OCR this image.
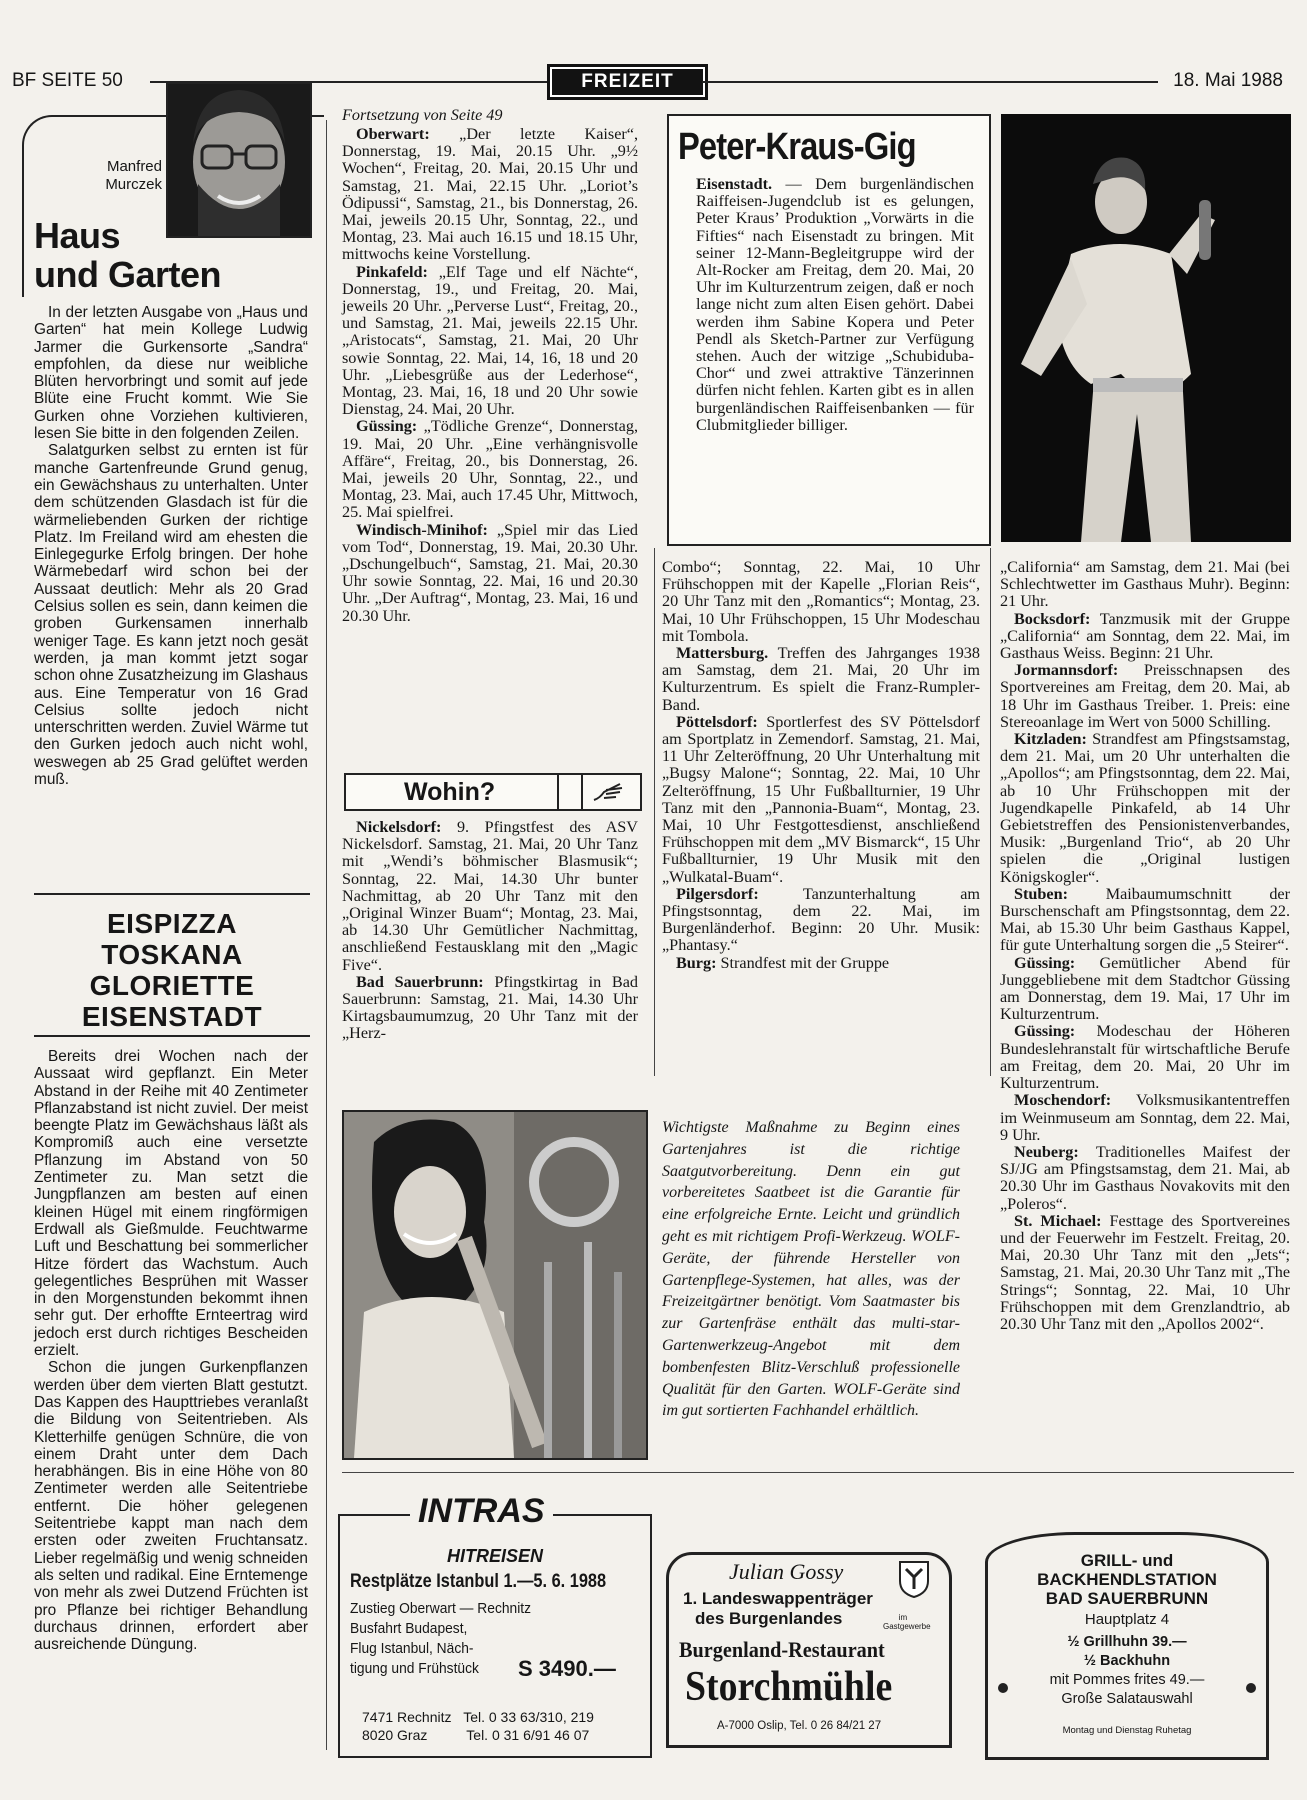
BF SEITE 50	FREIZEIT	18. Mai 1988
Manfred Murczek
Haus
und Garten

In der letzten Ausgabe von „Haus und Garten“ hat mein Kollege Ludwig Jarmer die Gurkensorte „Sandra“ empfohlen, da diese nur weibliche Blüten hervorbringt und somit auf jede Blüte eine Frucht kommt. Wie Sie Gurken ohne Vorziehen kultivieren, lesen Sie bitte in den folgenden Zeilen.

Salatgurken selbst zu ernten ist für manche Gartenfreunde Grund genug, ein Gewächshaus zu unterhalten. Unter dem schützenden Glasdach ist für die wärmeliebenden Gurken der richtige Platz. Im Freiland wird am ehesten die Einlegegurke Erfolg bringen. Der hohe Wärmebedarf wird schon bei der Aussaat deutlich: Mehr als 20 Grad Celsius sollen es sein, dann keimen die groben Gurkensamen innerhalb weniger Tage. Es kann jetzt noch gesät werden, ja man kommt jetzt sogar schon ohne Zusatzheizung im Glashaus aus. Eine Temperatur von 16 Grad Celsius sollte jedoch nicht unterschritten werden. Zuviel Wärme tut den Gurken jedoch auch nicht wohl, weswegen ab 25 Grad gelüftet werden muß.

EISPIZZA
TOSKANA
GLORIETTE
EISENSTADT

Bereits drei Wochen nach der Aussaat wird gepflanzt. Ein Meter Abstand in der Reihe mit 40 Zentimeter Pflanzabstand ist nicht zuviel. Der meist beengte Platz im Gewächshaus läßt als Kompromiß auch eine versetzte Pflanzung im Abstand von 50 Zentimeter zu. Man setzt die Jungpflanzen am besten auf einen kleinen Hügel mit einem ringförmigen Erdwall als Gießmulde. Feuchtwarme Luft und Beschattung bei sommerlicher Hitze fördert das Wachstum. Auch gelegentliches Besprühen mit Wasser in den Morgenstunden bekommt ihnen sehr gut. Der erhoffte Ernteertrag wird jedoch erst durch richtiges Bescheiden erzielt.

Schon die jungen Gurkenpflanzen werden über dem vierten Blatt gestutzt. Das Kappen des Haupttriebes veranlaßt die Bildung von Seitentrieben. Als Kletterhilfe genügen Schnüre, die von einem Draht unter dem Dach herabhängen. Bis in eine Höhe von 80 Zentimeter werden alle Seitentriebe entfernt. Die höher gelegenen Seitentriebe kappt man nach dem ersten oder zweiten Fruchtansatz. Lieber regelmäßig und wenig schneiden als selten und radikal. Eine Erntemenge von mehr als zwei Dutzend Früchten ist pro Pflanze bei richtiger Behandlung durchaus drinnen, erfordert aber ausreichende Düngung.

Fortsetzung von Seite 49

Oberwart: „Der letzte Kaiser“, Donnerstag, 19. Mai, 20.15 Uhr. „9½ Wochen“, Freitag, 20. Mai, 20.15 Uhr und Samstag, 21. Mai, 22.15 Uhr. „Loriot’s Ödipussi“, Samstag, 21., bis Donnerstag, 26. Mai, jeweils 20.15 Uhr, Sonntag, 22., und Montag, 23. Mai auch 16.15 und 18.15 Uhr, mittwochs keine Vorstellung.

Pinkafeld: „Elf Tage und elf Nächte“, Donnerstag, 19., und Freitag, 20. Mai, jeweils 20 Uhr. „Perverse Lust“, Freitag, 20., und Samstag, 21. Mai, jeweils 22.15 Uhr. „Aristocats“, Samstag, 21. Mai, 20 Uhr sowie Sonntag, 22. Mai, 14, 16, 18 und 20 Uhr. „Liebesgrüße aus der Lederhose“, Montag, 23. Mai, 16, 18 und 20 Uhr sowie Dienstag, 24. Mai, 20 Uhr.

Güssing: „Tödliche Grenze“, Donnerstag, 19. Mai, 20 Uhr. „Eine verhängnisvolle Affäre“, Freitag, 20., bis Donnerstag, 26. Mai, jeweils 20 Uhr, Sonntag, 22., und Montag, 23. Mai, auch 17.45 Uhr, Mittwoch, 25. Mai spielfrei.

Windisch-Minihof: „Spiel mir das Lied vom Tod“, Donnerstag, 19. Mai, 20.30 Uhr. „Dschungelbuch“, Samstag, 21. Mai, 20.30 Uhr sowie Sonntag, 22. Mai, 16 und 20.30 Uhr. „Der Auftrag“, Montag, 23. Mai, 16 und 20.30 Uhr.

Wohin?

Nickelsdorf: 9. Pfingstfest des ASV Nickelsdorf. Samstag, 21. Mai, 20 Uhr Tanz mit „Wendi’s böhmischer Blasmusik“; Sonntag, 22. Mai, 14.30 Uhr bunter Nachmittag, ab 20 Uhr Tanz mit den „Original Winzer Buam“; Montag, 23. Mai, ab 14.30 Uhr Gemütlicher Nachmittag, anschließend Festausklang mit den „Magic Five“.

Bad Sauerbrunn: Pfingstkirtag in Bad Sauerbrunn: Samstag, 21. Mai, 14.30 Uhr Kirtagsbaumumzug, 20 Uhr Tanz mit der „Herz-

Peter-Kraus-Gig
Eisenstadt. — Dem burgenländischen Raiffeisen-Jugendclub ist es gelungen, Peter Kraus’ Produktion „Vorwärts in die Fifties“ nach Eisenstadt zu bringen. Mit seiner 12-Mann-Begleitgruppe wird der Alt-Rocker am Freitag, dem 20. Mai, 20 Uhr im Kulturzentrum zeigen, daß er noch lange nicht zum alten Eisen gehört. Dabei werden ihm Sabine Kopera und Peter Pendl als Sketch-Partner zur Verfügung stehen. Auch der witzige „Schubiduba-Chor“ und zwei attraktive Tänzerinnen dürfen nicht fehlen. Karten gibt es in allen burgenländischen Raiffeisenbanken — für Clubmitglieder billiger.

Combo“; Sonntag, 22. Mai, 10 Uhr Frühschoppen mit der Kapelle „Florian Reis“, 20 Uhr Tanz mit den „Romantics“; Montag, 23. Mai, 10 Uhr Frühschoppen, 15 Uhr Modeschau mit Tombola.

Mattersburg. Treffen des Jahrganges 1938 am Samstag, dem 21. Mai, 20 Uhr im Kulturzentrum. Es spielt die Franz-Rumpler-Band.

Pöttelsdorf: Sportlerfest des SV Pöttelsdorf am Sportplatz in Zemendorf. Samstag, 21. Mai, 11 Uhr Zelteröffnung, 20 Uhr Unterhaltung mit „Bugsy Malone“; Sonntag, 22. Mai, 10 Uhr Zelteröffnung, 15 Uhr Fußballturnier, 19 Uhr Tanz mit den „Pannonia-Buam“, Montag, 23. Mai, 10 Uhr Festgottesdienst, anschließend Frühschoppen mit dem „MV Bismarck“, 15 Uhr Fußballturnier, 19 Uhr Musik mit den „Wulkatal-Buam“.

Pilgersdorf:	Tanzunterhaltung am Pfingstsonntag, dem 22. Mai, im Burgenländerhof. Beginn: 20 Uhr. Musik: „Phantasy.“

Burg: Strandfest mit der Gruppe

„California“ am Samstag, dem 21. Mai (bei Schlechtwetter im Gasthaus Muhr). Beginn: 21 Uhr.

Bocksdorf: Tanzmusik mit der Gruppe „California“ am Sonntag, dem 22. Mai, im Gasthaus Weiss. Beginn: 21 Uhr.

Jormannsdorf: Preisschnapsen des Sportvereines am Freitag, dem 20. Mai, ab 18 Uhr im Gasthaus Treiber. 1. Preis: eine Stereoanlage im Wert von 5000 Schilling.

Kitzladen: Strandfest am Pfingstsamstag, dem 21. Mai, um 20 Uhr unterhalten die „Apollos“; am Pfingstsonntag, dem 22. Mai, ab 10 Uhr Frühschoppen mit der Jugendkapelle Pinkafeld, ab 14 Uhr Gebietstreffen des Pensionistenverbandes, Musik: „Burgenland Trio“, ab 20 Uhr spielen die „Original lustigen Königskogler“.

Stuben: Maibaumumschnitt der Burschenschaft am Pfingstsonntag, dem 22. Mai, ab 15.30 Uhr beim Gasthaus Kappel, für gute Unterhaltung sorgen die „5 Steirer“.

Güssing: Gemütlicher Abend für Junggebliebene mit dem Stadtchor Güssing am Donnerstag, dem 19. Mai, 17 Uhr im Kulturzentrum.

Güssing: Modeschau der Höheren Bundeslehranstalt für wirtschaftliche Berufe am Freitag, dem 20. Mai, 20 Uhr im Kulturzentrum.

Moschendorf: Volksmusikantentreffen im Weinmuseum am Sonntag, dem 22. Mai, 9 Uhr.

Neuberg: Traditionelles Maifest der SJ/JG am Pfingstsamstag, dem 21. Mai, ab 20.30 Uhr im Gasthaus Novakovits mit den „Poleros“.

St. Michael: Festtage des Sportvereines und der Feuerwehr im Festzelt. Freitag, 20. Mai, 20.30 Uhr Tanz mit den „Jets“; Samstag, 21. Mai, 20.30 Uhr Tanz mit „The Strings“; Sonntag, 22. Mai, 10 Uhr Frühschoppen mit dem Grenzlandtrio, ab 20.30 Uhr Tanz mit den „Apollos 2002“.

Wichtigste Maßnahme zu Beginn eines Gartenjahres ist die richtige Saatgutvorbereitung. Denn ein gut vorbereitetes Saatbeet ist die Garantie für eine erfolgreiche Ernte. Leicht und gründlich geht es mit richtigem Profi-Werkzeug. WOLF-Geräte, der führende Hersteller von Gartenpflege-Systemen, hat alles, was der Freizeitgärtner benötigt. Vom Saatmaster bis zur Gartenfräse enthält das multi-star-Gartenwerkzeug-Angebot mit dem bombenfesten Blitz-Verschluß professionelle Qualität für den Garten. WOLF-Geräte sind im gut sortierten Fachhandel erhältlich.
INTRAS
HITREISEN
Restplätze Istanbul 1.—5. 6. 1988
Zustieg Oberwart — Rechnitz
Busfahrt Budapest,
Flug Istanbul, Näch-
tigung und Frühstück	S 3490.—
7471 Rechnitz Tel. 0 33 63/310, 219
8020 Graz	Tel. 0 31 6/91 46 07
Julian Gossy
1. Landeswappenträger
des Burgenlandes	im Gastgewerbe
Burgenland-Restaurant
Storchmühle
A-7000 Oslip, Tel. 0 26 84/21 27
GRILL- und
BACKHENDLSTATION
BAD SAUERBRUNN
Hauptplatz 4
½ Grillhuhn 39.—
½ Backhuhn
mit Pommes frites 49.—
Große Salatauswahl
Montag und Dienstag Ruhetag
